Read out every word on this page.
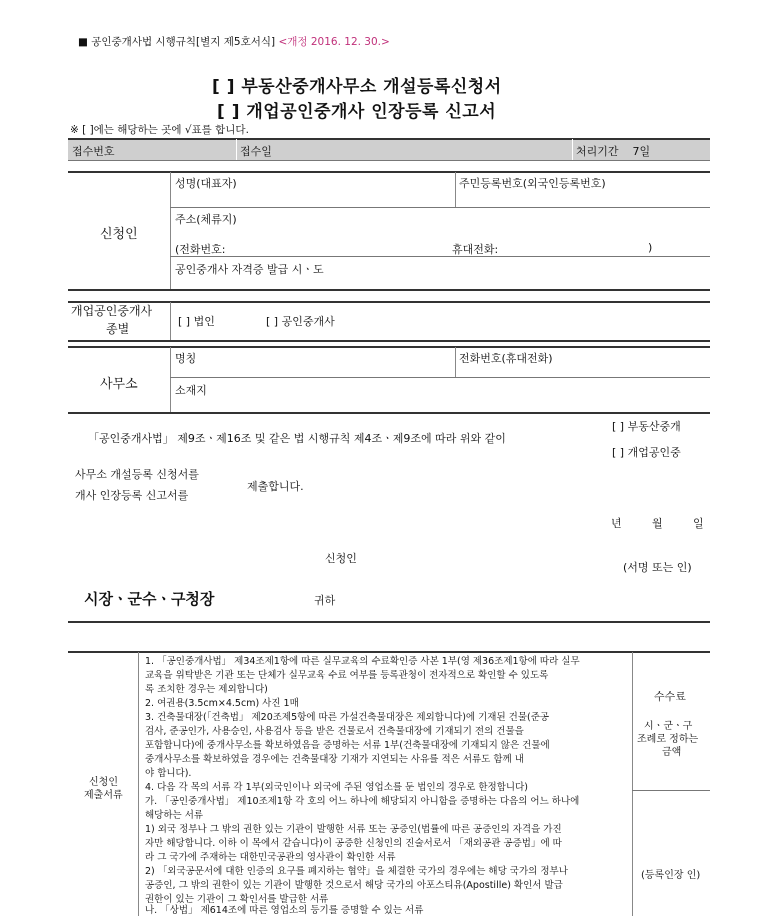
■ 공인중개사법 시행규칙[별지 제5호서식] <개정 2016. 12. 30.>
[ ] 부동산중개사무소 개설등록신청서
[ ] 개업공인중개사 인장등록 신고서
※ [ ]에는 해당하는 곳에 √표를 합니다.
접수번호	접수일	처리기간 7일
신청인
성명(대표자)	주민등록번호(외국인등록번호)
주소(체류지)
(전화번호:	휴대전화:	)
공인중개사 자격증 발급 시ㆍ도
개업공인중개사
종별
[ ] 법인	[ ] 공인중개사
사무소
명칭	전화번호(휴대전화)
소재지
「공인중개사법」 제9조ㆍ제16조 및 같은 법 시행규칙 제4조ㆍ제9조에 따라 위와 같이
[ ] 부동산중개
[ ] 개업공인중
사무소 개설등록 신청서를
개사 인장등록 신고서를
제출합니다.
년	월	일
신청인
(서명 또는 인)
시장ㆍ군수ㆍ구청장	귀하
신청인
제출서류
1. 「공인중개사법」 제34조제1항에 따른 실무교육의 수료확인증 사본 1부(영 제36조제1항에 따라 실무
교육을 위탁받은 기관 또는 단체가 실무교육 수료 여부를 등록관청이 전자적으로 확인할 수 있도록
록 조치한 경우는 제외합니다)
2. 여권용(3.5cm×4.5cm) 사진 1매
3. 건축물대장(「건축법」 제20조제5항에 따른 가설건축물대장은 제외합니다)에 기재된 건물(준공
검사, 준공인가, 사용승인, 사용검사 등을 받은 건물로서 건축물대장에 기재되기 전의 건물을
포함합니다)에 중개사무소를 확보하였음을 증명하는 서류 1부(건축물대장에 기재되지 않은 건물에
중개사무소를 확보하였을 경우에는 건축물대장 기재가 지연되는 사유를 적은 서류도 함께 내
야 합니다).
4. 다음 각 목의 서류 각 1부(외국인이나 외국에 주된 영업소를 둔 법인의 경우로 한정합니다)
가. 「공인중개사법」 제10조제1항 각 호의 어느 하나에 해당되지 아니함을 증명하는 다음의 어느 하나에
해당하는 서류
1) 외국 정부나 그 밖의 권한 있는 기관이 발행한 서류 또는 공증인(법률에 따른 공증인의 자격을 가진
자만 해당합니다. 이하 이 목에서 같습니다)이 공증한 신청인의 진술서로서 「재외공관 공증법」에 따
라 그 국가에 주재하는 대한민국공관의 영사관이 확인한 서류
2) 「외국공문서에 대한 인증의 요구를 폐지하는 협약」을 체결한 국가의 경우에는 해당 국가의 정부나
공증인, 그 밖의 권한이 있는 기관이 발행한 것으로서 해당 국가의 아포스티유(Apostille) 확인서 발급
권한이 있는 기관이 그 확인서를 발급한 서류
나. 「상법」 제614조에 따른 영업소의 등기를 증명할 수 있는 서류
수수료
시ㆍ군ㆍ구
조례로 정하는
금액
(등록인장 인)
